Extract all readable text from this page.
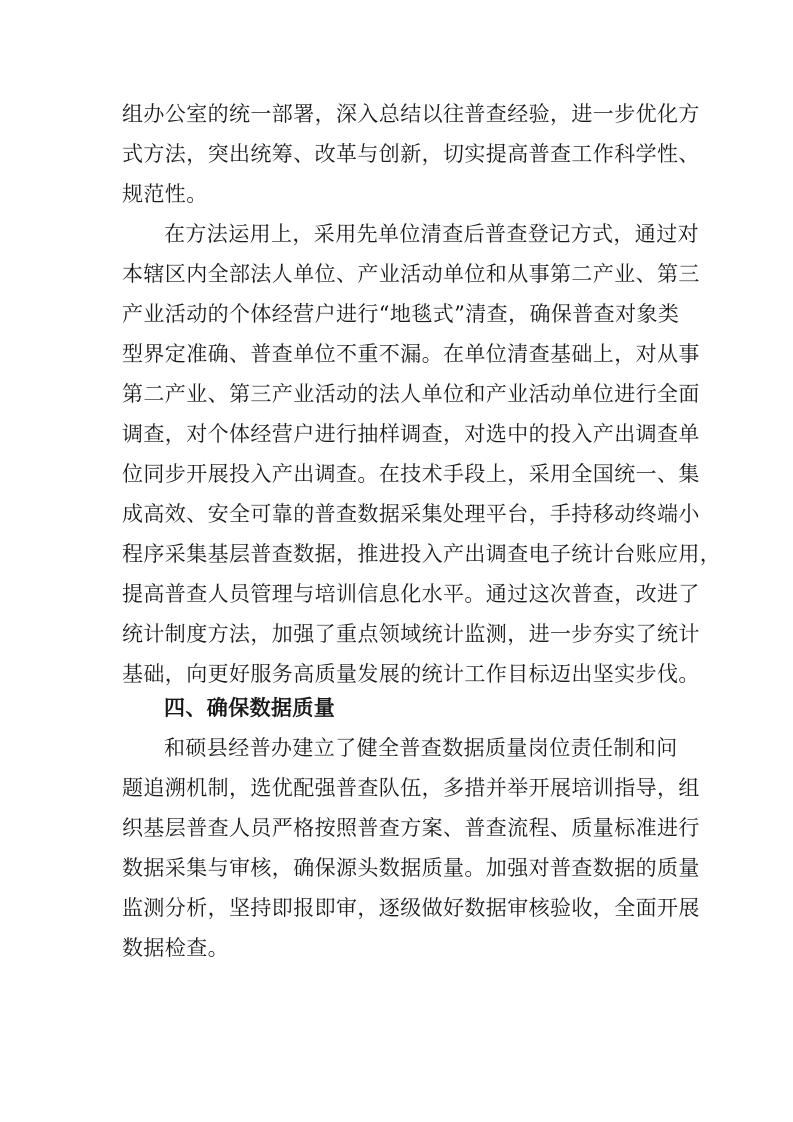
组办公室的统一部署，深入总结以往普查经验，进一步优化方
式方法，突出统筹、改革与创新，切实提高普查工作科学性、
规范性。
在方法运用上，采用先单位清查后普查登记方式，通过对
本辖区内全部法人单位、产业活动单位和从事第二产业、第三
产业活动的个体经营户进行“地毯式”清查，确保普查对象类
型界定准确、普查单位不重不漏。在单位清查基础上，对从事
第二产业、第三产业活动的法人单位和产业活动单位进行全面
调查，对个体经营户进行抽样调查，对选中的投入产出调查单
位同步开展投入产出调查。在技术手段上，采用全国统一、集
成高效、安全可靠的普查数据采集处理平台，手持移动终端小
程序采集基层普查数据，推进投入产出调查电子统计台账应用，
提高普查人员管理与培训信息化水平。通过这次普查，改进了
统计制度方法，加强了重点领域统计监测，进一步夯实了统计
基础，向更好服务高质量发展的统计工作目标迈出坚实步伐。
四、确保数据质量
和硕县经普办建立了健全普查数据质量岗位责任制和问
题追溯机制，选优配强普查队伍，多措并举开展培训指导，组
织基层普查人员严格按照普查方案、普查流程、质量标准进行
数据采集与审核，确保源头数据质量。加强对普查数据的质量
监测分析，坚持即报即审，逐级做好数据审核验收，全面开展
数据检查。
